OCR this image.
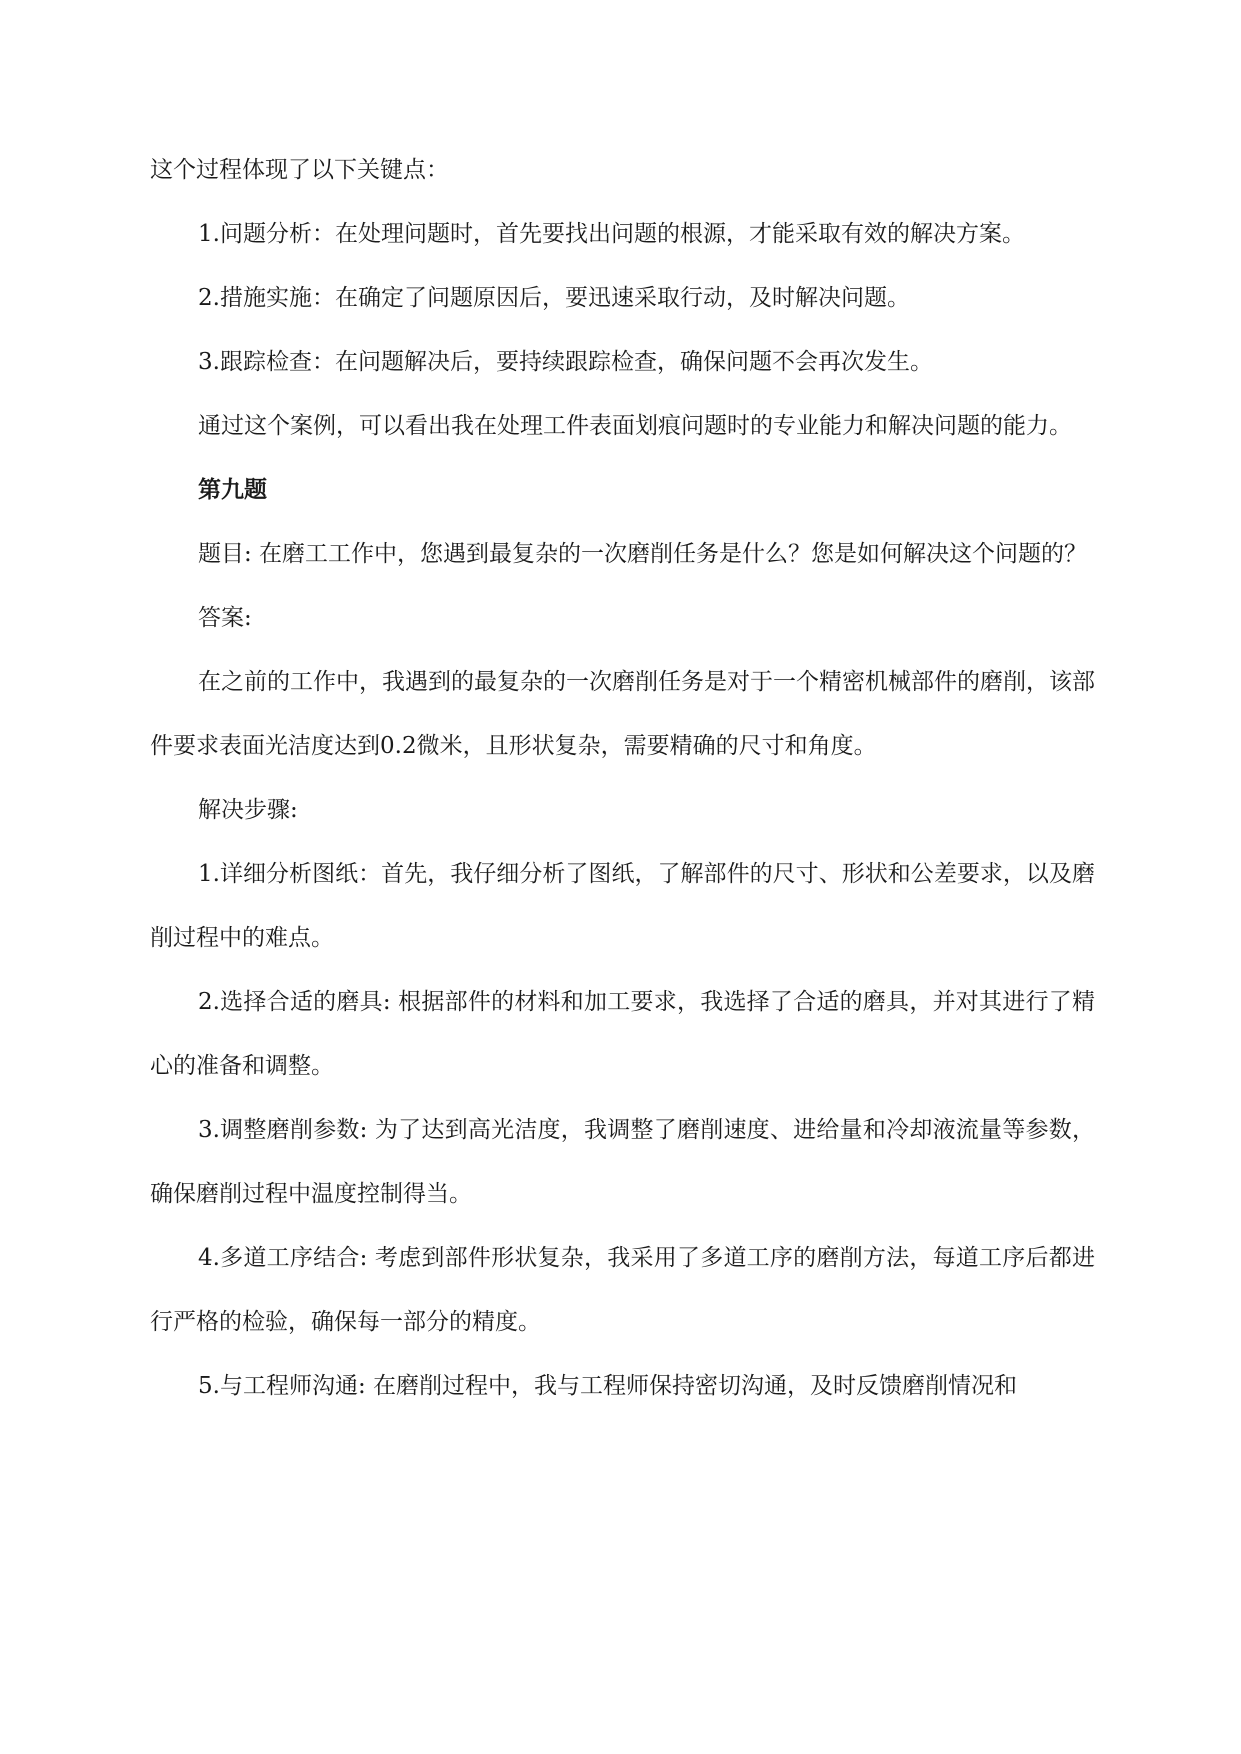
这个过程体现了以下关键点：

1.问题分析：在处理问题时，首先要找出问题的根源，才能采取有效的解决方案。

2.措施实施：在确定了问题原因后，要迅速采取行动，及时解决问题。

3.跟踪检查：在问题解决后，要持续跟踪检查，确保问题不会再次发生。

通过这个案例，可以看出我在处理工件表面划痕问题时的专业能力和解决问题的能力。

第九题

题目: 在磨工工作中，您遇到最复杂的一次磨削任务是什么？您是如何解决这个问题的？

答案:

在之前的工作中，我遇到的最复杂的一次磨削任务是对于一个精密机械部件的磨削，该部件要求表面光洁度达到0.2微米，且形状复杂，需要精确的尺寸和角度。

解决步骤:

1.详细分析图纸：首先，我仔细分析了图纸，了解部件的尺寸、形状和公差要求，以及磨削过程中的难点。

2.选择合适的磨具: 根据部件的材料和加工要求，我选择了合适的磨具，并对其进行了精心的准备和调整。

3.调整磨削参数: 为了达到高光洁度，我调整了磨削速度、进给量和冷却液流量等参数，确保磨削过程中温度控制得当。

4.多道工序结合: 考虑到部件形状复杂，我采用了多道工序的磨削方法，每道工序后都进行严格的检验，确保每一部分的精度。

5.与工程师沟通: 在磨削过程中，我与工程师保持密切沟通，及时反馈磨削情况和
